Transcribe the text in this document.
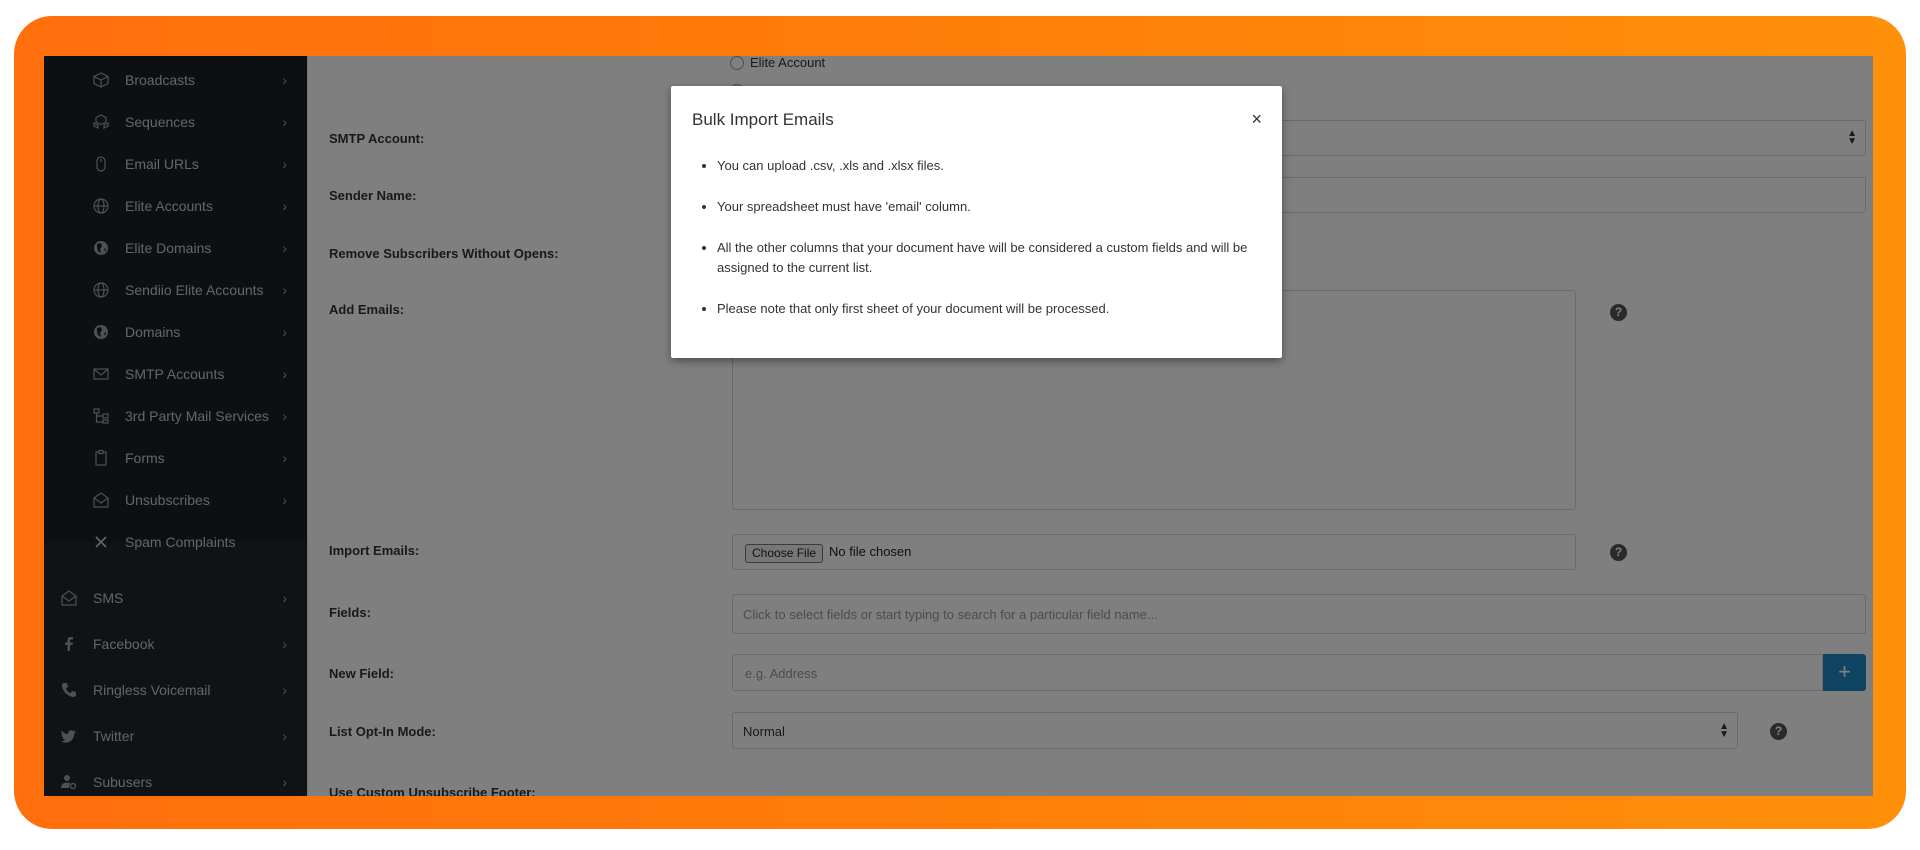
Bulk Import Emails	×
• You can upload .csv, .xls and .xlsx files.
• Your spreadsheet must have 'email' column.
• All the other columns that your document have will be considered a custom fields and will be assigned to the current list.
• Please note that only first sheet of your document will be processed.
